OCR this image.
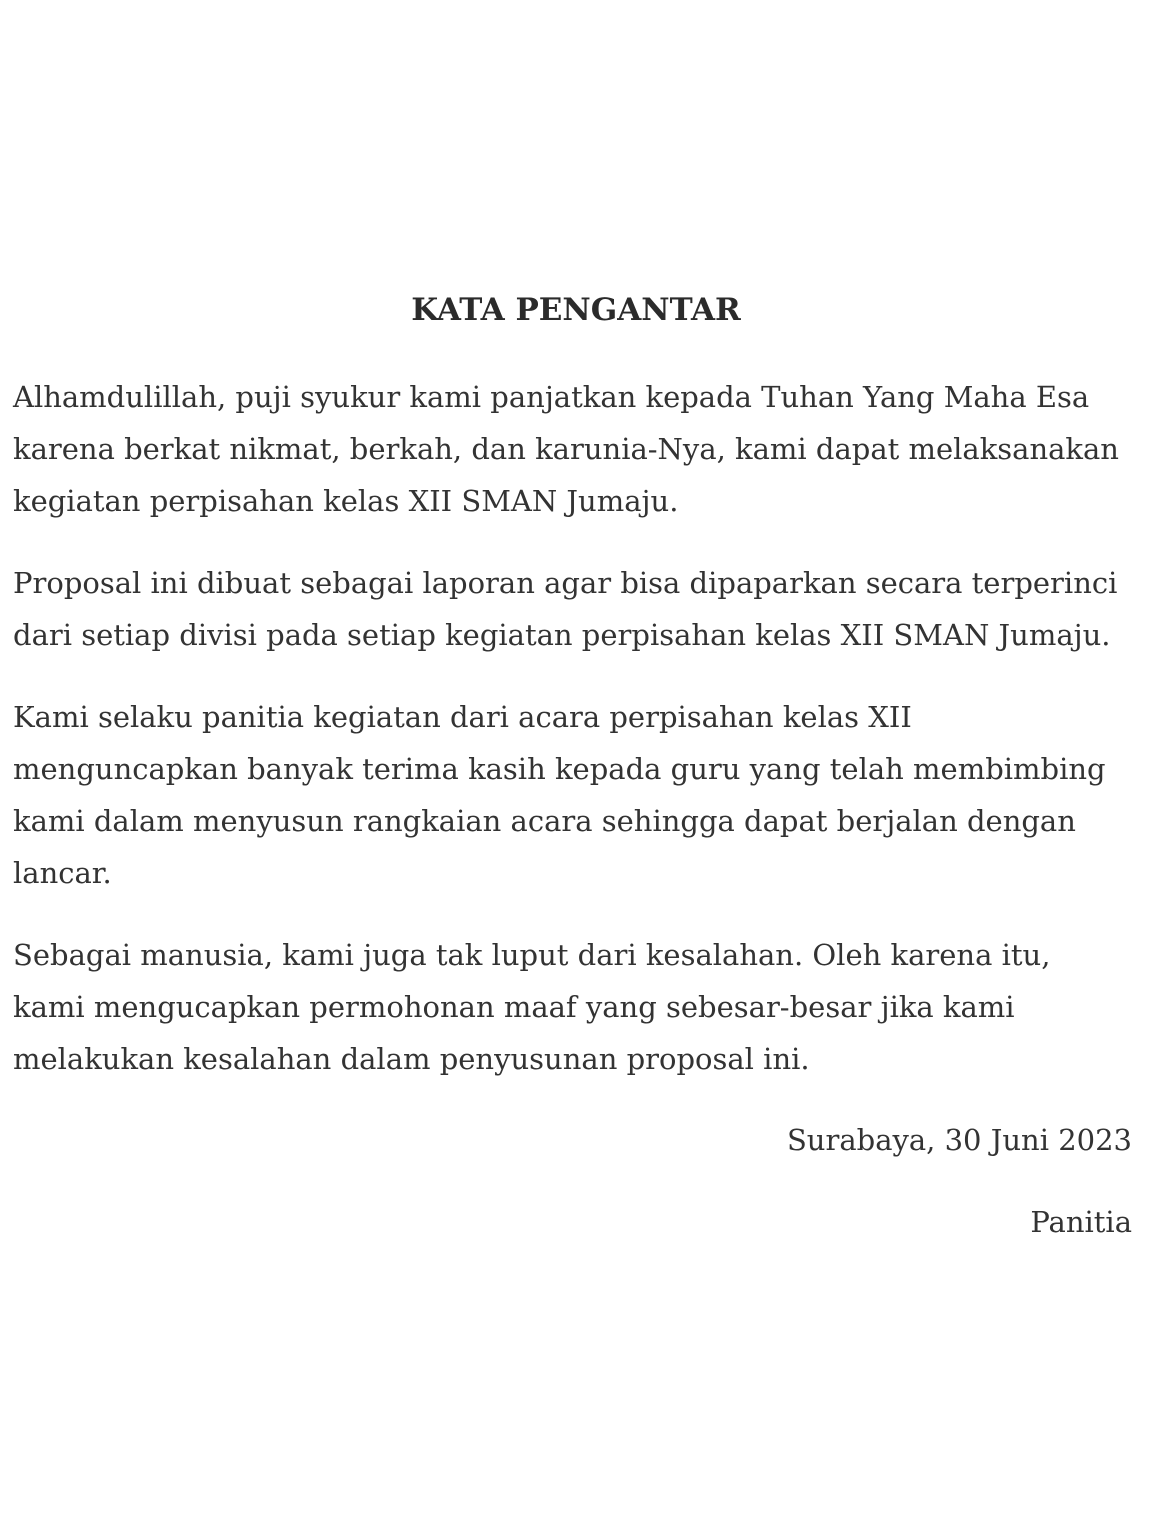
KATA PENGANTAR

Alhamdulillah, puji syukur kami panjatkan kepada Tuhan Yang Maha Esa
karena berkat nikmat, berkah, dan karunia-Nya, kami dapat melaksanakan
kegiatan perpisahan kelas XII SMAN Jumaju.

Proposal ini dibuat sebagai laporan agar bisa dipaparkan secara terperinci
dari setiap divisi pada setiap kegiatan perpisahan kelas XII SMAN Jumaju.

Kami selaku panitia kegiatan dari acara perpisahan kelas XII
menguncapkan banyak terima kasih kepada guru yang telah membimbing
kami dalam menyusun rangkaian acara sehingga dapat berjalan dengan
lancar.

Sebagai manusia, kami juga tak luput dari kesalahan. Oleh karena itu,
kami mengucapkan permohonan maaf yang sebesar-besar jika kami
melakukan kesalahan dalam penyusunan proposal ini.

Surabaya, 30 Juni 2023
Panitia
